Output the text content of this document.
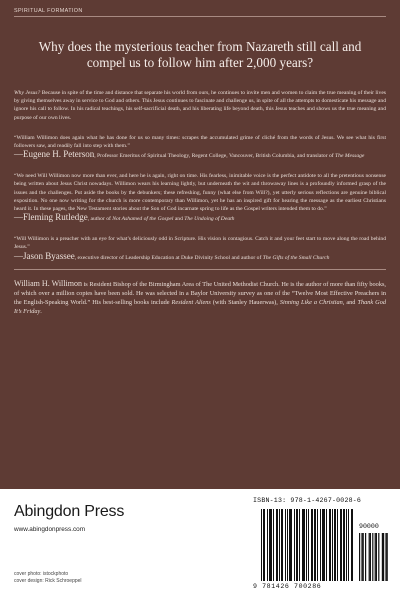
SPIRITUAL FORMATION
Why does the mysterious teacher from Nazareth still call and compel us to follow him after 2,000 years?
Why Jesus? Because in spite of the time and distance that separate his world from ours, he continues to invite men and women to claim the true meaning of their lives by giving themselves away in service to God and others. This Jesus continues to fascinate and challenge us, in spite of all the attempts to domesticate his message and ignore his call to follow. In his radical teachings, his self-sacrificial death, and his liberating life beyond death, this Jesus teaches and shows us the true meaning and purpose of our own lives.
“William Willimon does again what he has done for us so many times: scrapes the accumulated grime of cliché from the words of Jesus. We see what his first followers saw, and readily fall into step with them.”
—Eugene H. Peterson, Professor Emeritus of Spiritual Theology, Regent College, Vancouver, British Columbia, and translator of The Message
“We need Will Willimon now more than ever, and here he is again, right on time. His fearless, inimitable voice is the perfect antidote to all the pretentious nonsense being written about Jesus Christ nowadays. Willimon wears his learning lightly, but underneath the wit and throwaway lines is a profoundly informed grasp of the issues and the challenges. Put aside the books by the debunkers; these refreshing, funny (what else from Will?), yet utterly serious reflections are genuine biblical exposition. No one now writing for the church is more contemporary than Willimon, yet he has an inspired gift for hearing the message as the earliest Christians heard it. In these pages, the New Testament stories about the Son of God incarnate spring to life as the Gospel writers intended them to do.”
—Fleming Rutledge, author of Not Ashamed of the Gospel and The Undoing of Death
“Will Willimon is a preacher with an eye for what’s deliciously odd in Scripture. His vision is contagious. Catch it and your feet start to move along the road behind Jesus.”
—Jason Byassee, executive director of Leadership Education at Duke Divinity School and author of The Gifts of the Small Church
William H. Willimon is Resident Bishop of the Birmingham Area of The United Methodist Church. He is the author of more than fifty books, of which over a million copies have been sold. He was selected in a Baylor University survey as one of the “Twelve Most Effective Preachers in the English-Speaking World.” His best-selling books include Resident Aliens (with Stanley Hauerwas), Sinning Like a Christian, and Thank God It’s Friday.
Abingdon Press
www.abingdonpress.com
cover photo: istockphoto
cover design: Rick Schroeppel
ISBN-13: 978-1-4267-0028-6
90000
9 781426 700286
